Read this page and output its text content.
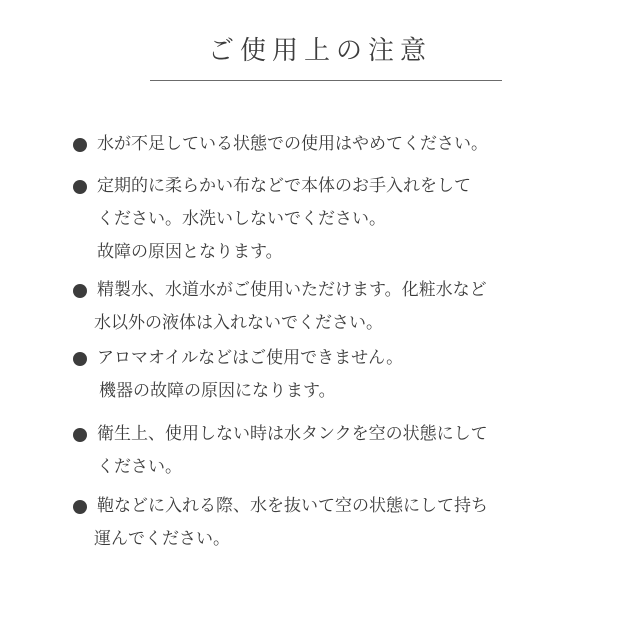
ご使用上の注意
水が不足している状態での使用はやめてください。
定期的に柔らかい布などで本体のお手入れをして
ください。水洗いしないでください。
故障の原因となります。
精製水、水道水がご使用いただけます。化粧水など
水以外の液体は入れないでください。
アロマオイルなどはご使用できません。
機器の故障の原因になります。
衛生上、使用しない時は水タンクを空の状態にして
ください。
鞄などに入れる際、水を抜いて空の状態にして持ち
運んでください。
